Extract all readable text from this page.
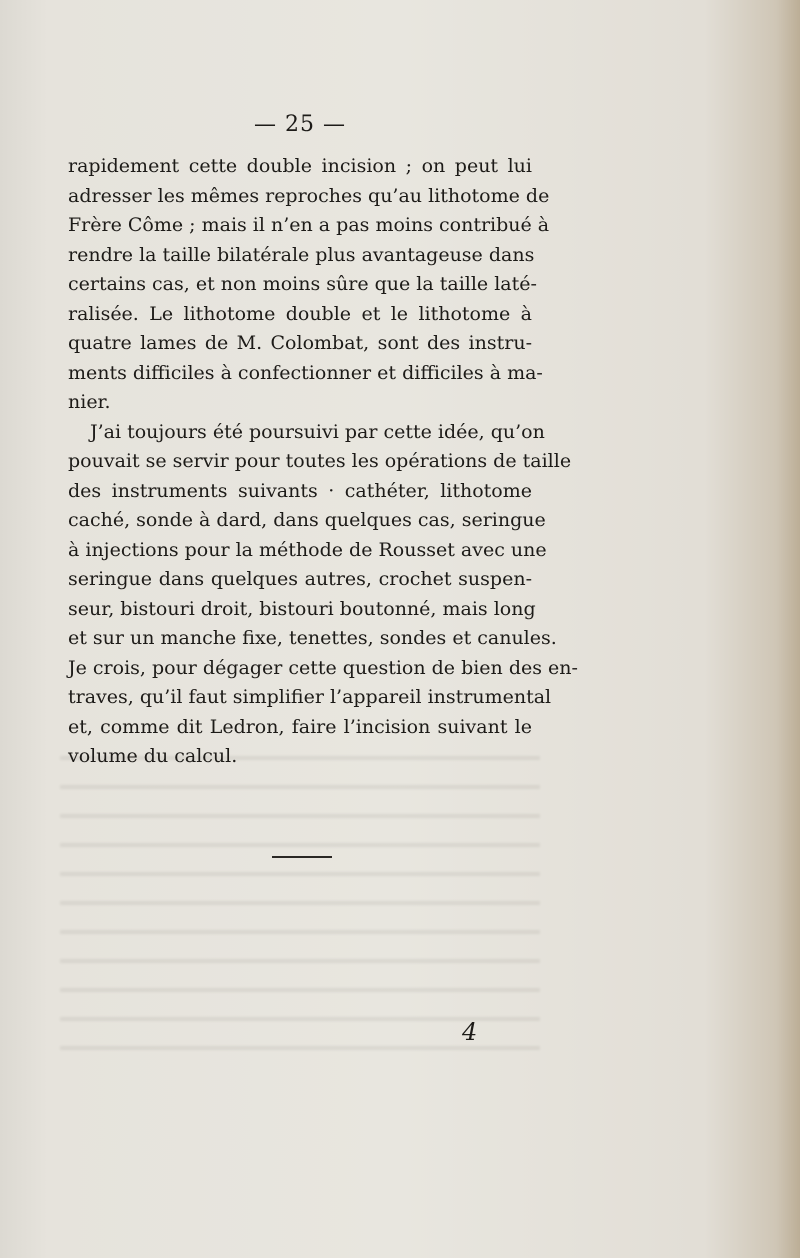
— 25 —
rapidement cette double incision ; on peut lui
adresser les mêmes reproches qu’au lithotome de
Frère Côme ; mais il n’en a pas moins contribué à
rendre la taille bilatérale plus avantageuse dans
certains cas, et non moins sûre que la taille laté-
ralisée. Le lithotome double et le lithotome à
quatre lames de M. Colombat, sont des instru-
ments difficiles à confectionner et difficiles à ma-
nier.
J’ai toujours été poursuivi par cette idée, qu’on
pouvait se servir pour toutes les opérations de taille
des instruments suivants · cathéter, lithotome
caché, sonde à dard, dans quelques cas, seringue
à injections pour la méthode de Rousset avec une
seringue dans quelques autres, crochet suspen-
seur, bistouri droit, bistouri boutonné, mais long
et sur un manche fixe, tenettes, sondes et canules.
Je crois, pour dégager cette question de bien des en-
traves, qu’il faut simplifier l’appareil instrumental
et, comme dit Ledron, faire l’incision suivant le
volume du calcul.
4
